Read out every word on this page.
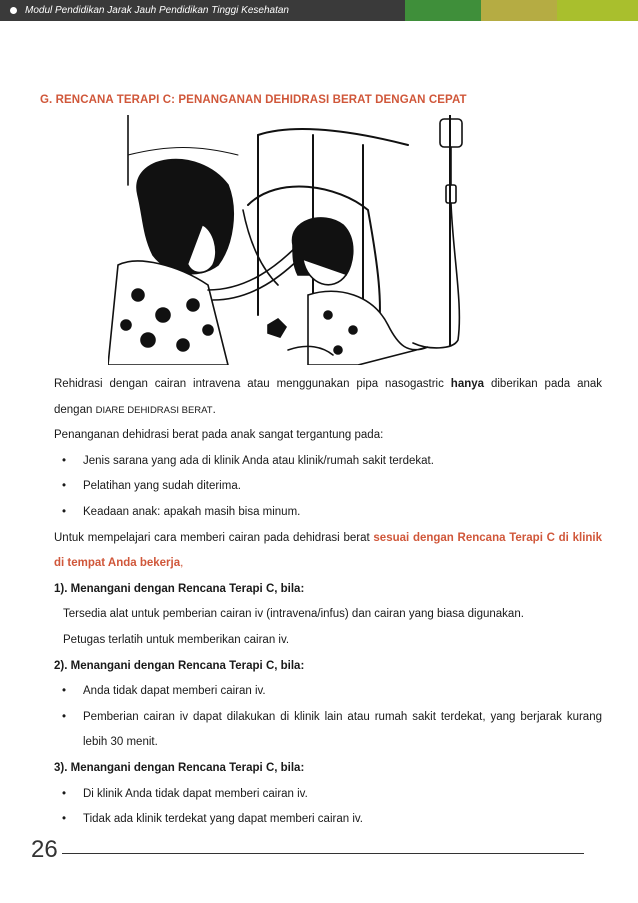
Modul Pendidikan Jarak Jauh Pendidikan Tinggi Kesehatan
G. RENCANA TERAPI C: PENANGANAN DEHIDRASI BERAT DENGAN CEPAT

Rehidrasi dengan cairan intravena atau menggunakan pipa nasogastric hanya diberikan pada anak dengan DIARE DEHIDRASI BERAT.

Penanganan dehidrasi berat pada anak sangat tergantung pada:

• Jenis sarana yang ada di klinik Anda atau klinik/rumah sakit terdekat.
• Pelatihan yang sudah diterima.
• Keadaan anak: apakah masih bisa minum.

Untuk mempelajari cara memberi cairan pada dehidrasi berat sesuai dengan Rencana Terapi C di klinik di tempat Anda bekerja,

1). Menangani dengan Rencana Terapi C, bila:

Tersedia alat untuk pemberian cairan iv (intravena/infus) dan cairan yang biasa digunakan.

Petugas terlatih untuk memberikan cairan iv.

2). Menangani dengan Rencana Terapi C, bila:

• Anda tidak dapat memberi cairan iv.
• Pemberian cairan iv dapat dilakukan di klinik lain atau rumah sakit terdekat, yang berjarak kurang lebih 30 menit.

3). Menangani dengan Rencana Terapi C, bila:

• Di klinik Anda tidak dapat memberi cairan iv.
• Tidak ada klinik terdekat yang dapat memberi cairan iv.
26
